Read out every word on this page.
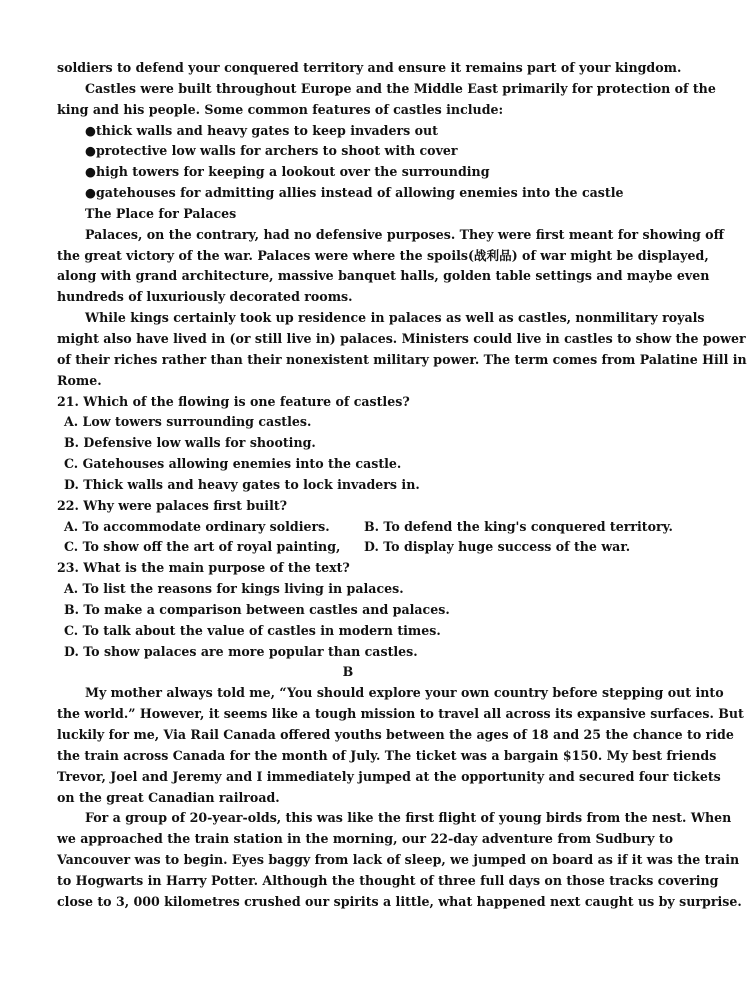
soldiers to defend your conquered territory and ensure it remains part of your kingdom.
Castles were built throughout Europe and the Middle East primarily for protection of the
king and his people. Some common features of castles include:
●thick walls and heavy gates to keep invaders out
●protective low walls for archers to shoot with cover
●high towers for keeping a lookout over the surrounding
●gatehouses for admitting allies instead of allowing enemies into the castle
The Place for Palaces
Palaces, on the contrary, had no defensive purposes. They were first meant for showing off
the great victory of the war. Palaces were where the spoils(战利品) of war might be displayed,
along with grand architecture, massive banquet halls, golden table settings and maybe even
hundreds of luxuriously decorated rooms.
While kings certainly took up residence in palaces as well as castles, nonmilitary royals
might also have lived in (or still live in) palaces. Ministers could live in castles to show the power
of their riches rather than their nonexistent military power. The term comes from Palatine Hill in
Rome.
21. Which of the flowing is one feature of castles?
A. Low towers surrounding castles.
B. Defensive low walls for shooting.
C. Gatehouses allowing enemies into the castle.
D. Thick walls and heavy gates to lock invaders in.
22. Why were palaces first built?
A. To accommodate ordinary soldiers.	B. To defend the king's conquered territory.
C. To show off the art of royal painting, D. To display huge success of the war.
23. What is the main purpose of the text?
A. To list the reasons for kings living in palaces.
B. To make a comparison between castles and palaces.
C. To talk about the value of castles in modern times.
D. To show palaces are more popular than castles.
B
My mother always told me, “You should explore your own country before stepping out into
the world.” However, it seems like a tough mission to travel all across its expansive surfaces. But
luckily for me, Via Rail Canada offered youths between the ages of 18 and 25 the chance to ride
the train across Canada for the month of July. The ticket was a bargain $150. My best friends
Trevor, Joel and Jeremy and I immediately jumped at the opportunity and secured four tickets
on the great Canadian railroad.
For a group of 20-year-olds, this was like the first flight of young birds from the nest. When
we approached the train station in the morning, our 22-day adventure from Sudbury to
Vancouver was to begin. Eyes baggy from lack of sleep, we jumped on board as if it was the train
to Hogwarts in Harry Potter. Although the thought of three full days on those tracks covering
close to 3, 000 kilometres crushed our spirits a little, what happened next caught us by surprise.
